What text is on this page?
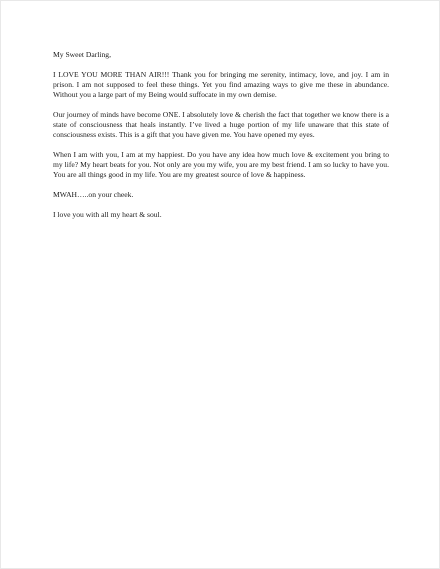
My Sweet Darling,

I LOVE YOU MORE THAN AIR!!! Thank you for bringing me serenity, intimacy, love, and joy. I am in prison. I am not supposed to feel these things. Yet you find amazing ways to give me these in abundance. Without you a large part of my Being would suffocate in my own demise.

Our journey of minds have become ONE. I absolutely love & cherish the fact that together we know there is a state of consciousness that heals instantly. I’ve lived a huge portion of my life unaware that this state of consciousness exists. This is a gift that you have given me. You have opened my eyes.

When I am with you, I am at my happiest. Do you have any idea how much love & excitement you bring to my life? My heart beats for you. Not only are you my wife, you are my best friend. I am so lucky to have you. You are all things good in my life. You are my greatest source of love & happiness.

MWAH…..on your cheek.

I love you with all my heart & soul.
